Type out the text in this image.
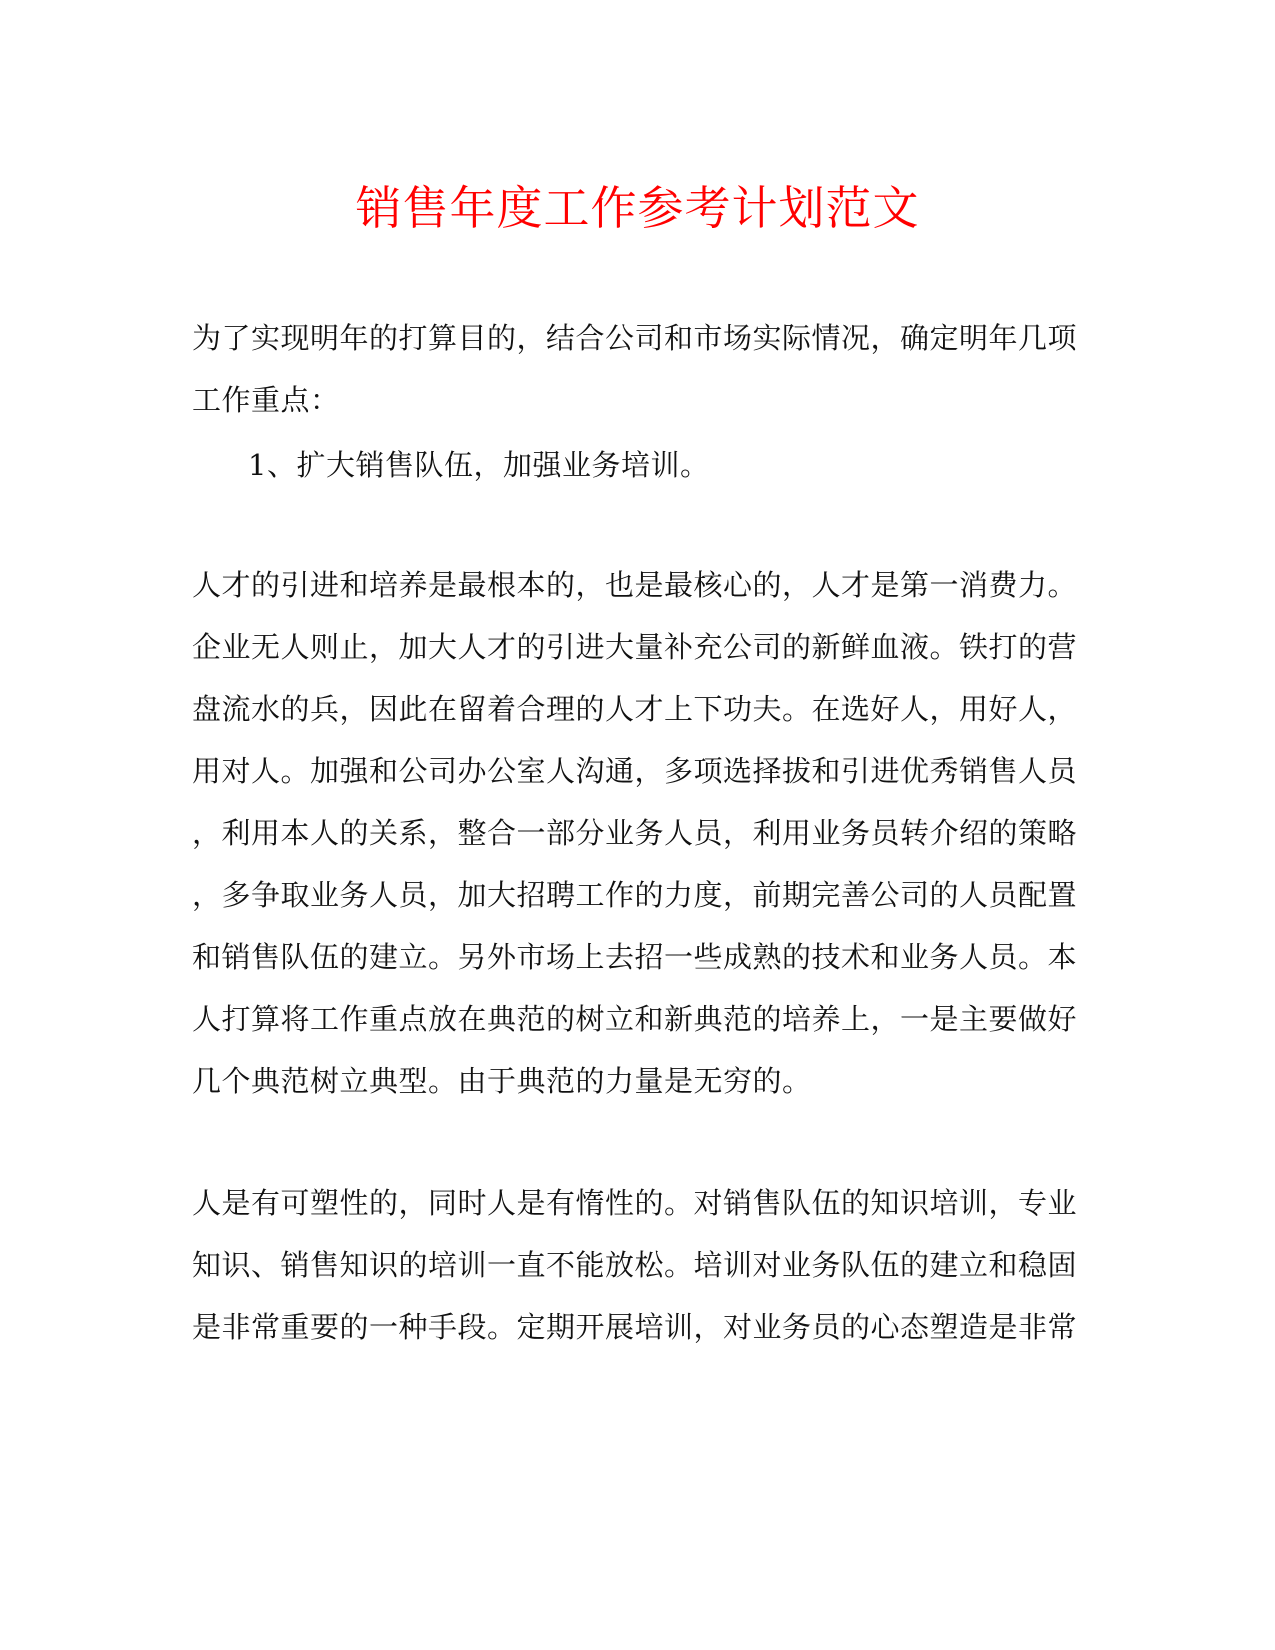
销售年度工作参考计划范文
为了实现明年的打算目的，结合公司和市场实际情况，确定明年几项
工作重点：
1、扩大销售队伍，加强业务培训。
人才的引进和培养是最根本的，也是最核心的，人才是第一消费力。
企业无人则止，加大人才的引进大量补充公司的新鲜血液。铁打的营
盘流水的兵，因此在留着合理的人才上下功夫。在选好人，用好人，
用对人。加强和公司办公室人沟通，多项选择拔和引进优秀销售人员
，利用本人的关系，整合一部分业务人员，利用业务员转介绍的策略
，多争取业务人员，加大招聘工作的力度，前期完善公司的人员配置
和销售队伍的建立。另外市场上去招一些成熟的技术和业务人员。本
人打算将工作重点放在典范的树立和新典范的培养上，一是主要做好
几个典范树立典型。由于典范的力量是无穷的。
人是有可塑性的，同时人是有惰性的。对销售队伍的知识培训，专业
知识、销售知识的培训一直不能放松。培训对业务队伍的建立和稳固
是非常重要的一种手段。定期开展培训，对业务员的心态塑造是非常
